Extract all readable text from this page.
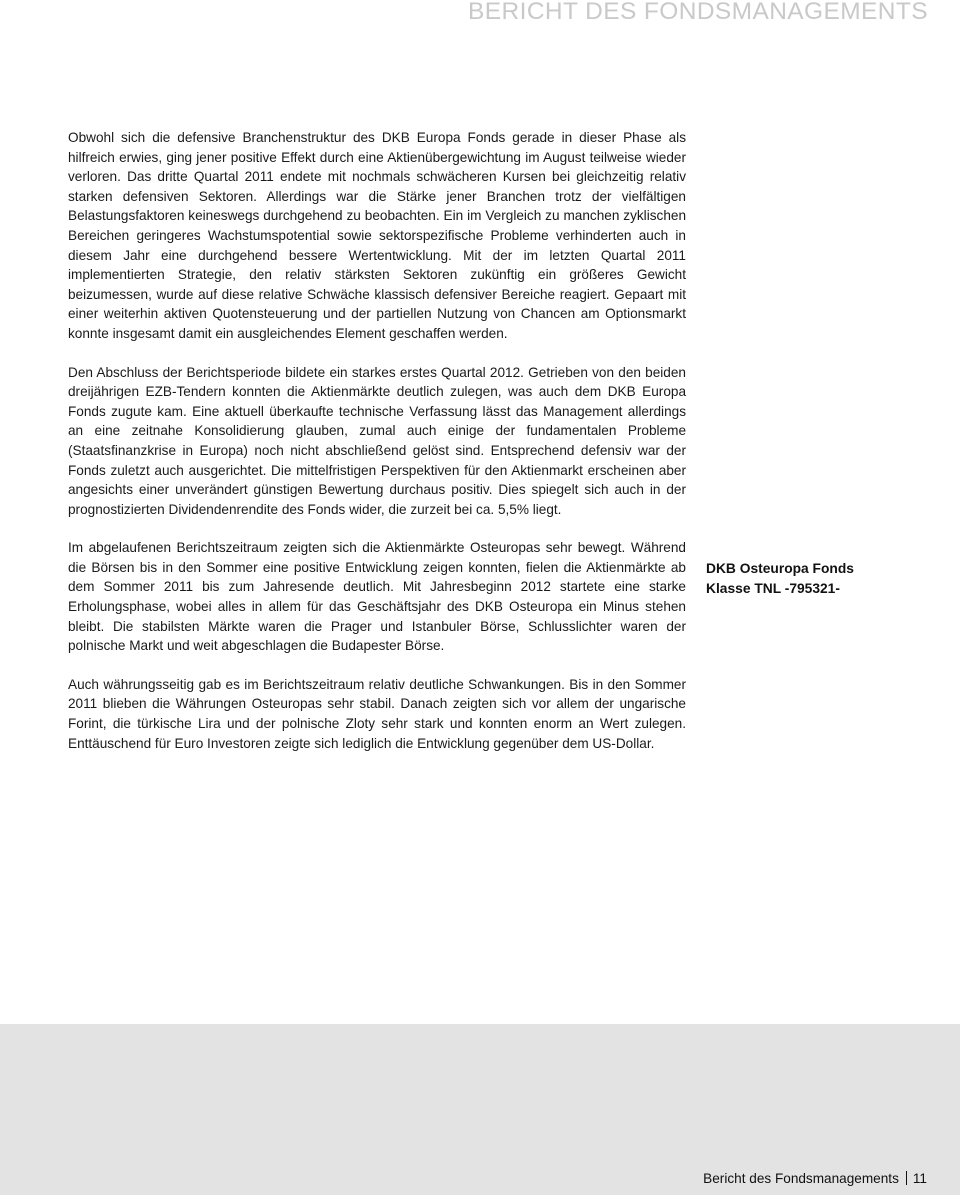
BERICHT DES FONDSMANAGEMENTS

Obwohl sich die defensive Branchenstruktur des DKB Europa Fonds gerade in dieser Phase als hilfreich erwies, ging jener positive Effekt durch eine Aktienübergewichtung im August teilweise wieder verloren. Das dritte Quartal 2011 endete mit nochmals schwächeren Kursen bei gleichzeitig relativ starken defensiven Sektoren. Allerdings war die Stärke jener Branchen trotz der vielfältigen Belastungsfaktoren keineswegs durchgehend zu beobachten. Ein im Vergleich zu manchen zyklischen Bereichen geringeres Wachstumspotential sowie sektorspezifische Probleme verhinderten auch in diesem Jahr eine durchgehend bessere Wertentwicklung. Mit der im letzten Quartal 2011 implementierten Strategie, den relativ stärksten Sektoren zukünftig ein größeres Gewicht beizumessen, wurde auf diese relative Schwäche klassisch defensiver Bereiche reagiert. Gepaart mit einer weiterhin aktiven Quotensteuerung und der partiellen Nutzung von Chancen am Optionsmarkt konnte insgesamt damit ein ausgleichendes Element geschaffen werden.

Den Abschluss der Berichtsperiode bildete ein starkes erstes Quartal 2012. Getrieben von den beiden dreijährigen EZB-Tendern konnten die Aktienmärkte deutlich zulegen, was auch dem DKB Europa Fonds zugute kam. Eine aktuell überkaufte technische Verfassung lässt das Management allerdings an eine zeitnahe Konsolidierung glauben, zumal auch einige der fundamentalen Probleme (Staatsfinanzkrise in Europa) noch nicht abschließend gelöst sind. Entsprechend defensiv war der Fonds zuletzt auch ausgerichtet. Die mittelfristigen Perspektiven für den Aktienmarkt erscheinen aber angesichts einer unverändert günstigen Bewertung durchaus positiv. Dies spiegelt sich auch in der prognostizierten Dividendenrendite des Fonds wider, die zurzeit bei ca. 5,5% liegt.

Im abgelaufenen Berichtszeitraum zeigten sich die Aktienmärkte Osteuropas sehr bewegt. Während die Börsen bis in den Sommer eine positive Entwicklung zeigen konnten, fielen die Aktienmärkte ab dem Sommer 2011 bis zum Jahresende deutlich. Mit Jahresbeginn 2012 startete eine starke Erholungsphase, wobei alles in allem für das Geschäftsjahr des DKB Osteuropa ein Minus stehen bleibt. Die stabilsten Märkte waren die Prager und Istanbuler Börse, Schlusslichter waren der polnische Markt und weit abgeschlagen die Budapester Börse.

Auch währungsseitig gab es im Berichtszeitraum relativ deutliche Schwankungen. Bis in den Sommer 2011 blieben die Währungen Osteuropas sehr stabil. Danach zeigten sich vor allem der ungarische Forint, die türkische Lira und der polnische Zloty sehr stark und konnten enorm an Wert zulegen. Enttäuschend für Euro Investoren zeigte sich lediglich die Entwicklung gegenüber dem US-Dollar.

DKB Osteuropa Fonds
Klasse TNL -795321-
Bericht des Fondsmanagements 11
